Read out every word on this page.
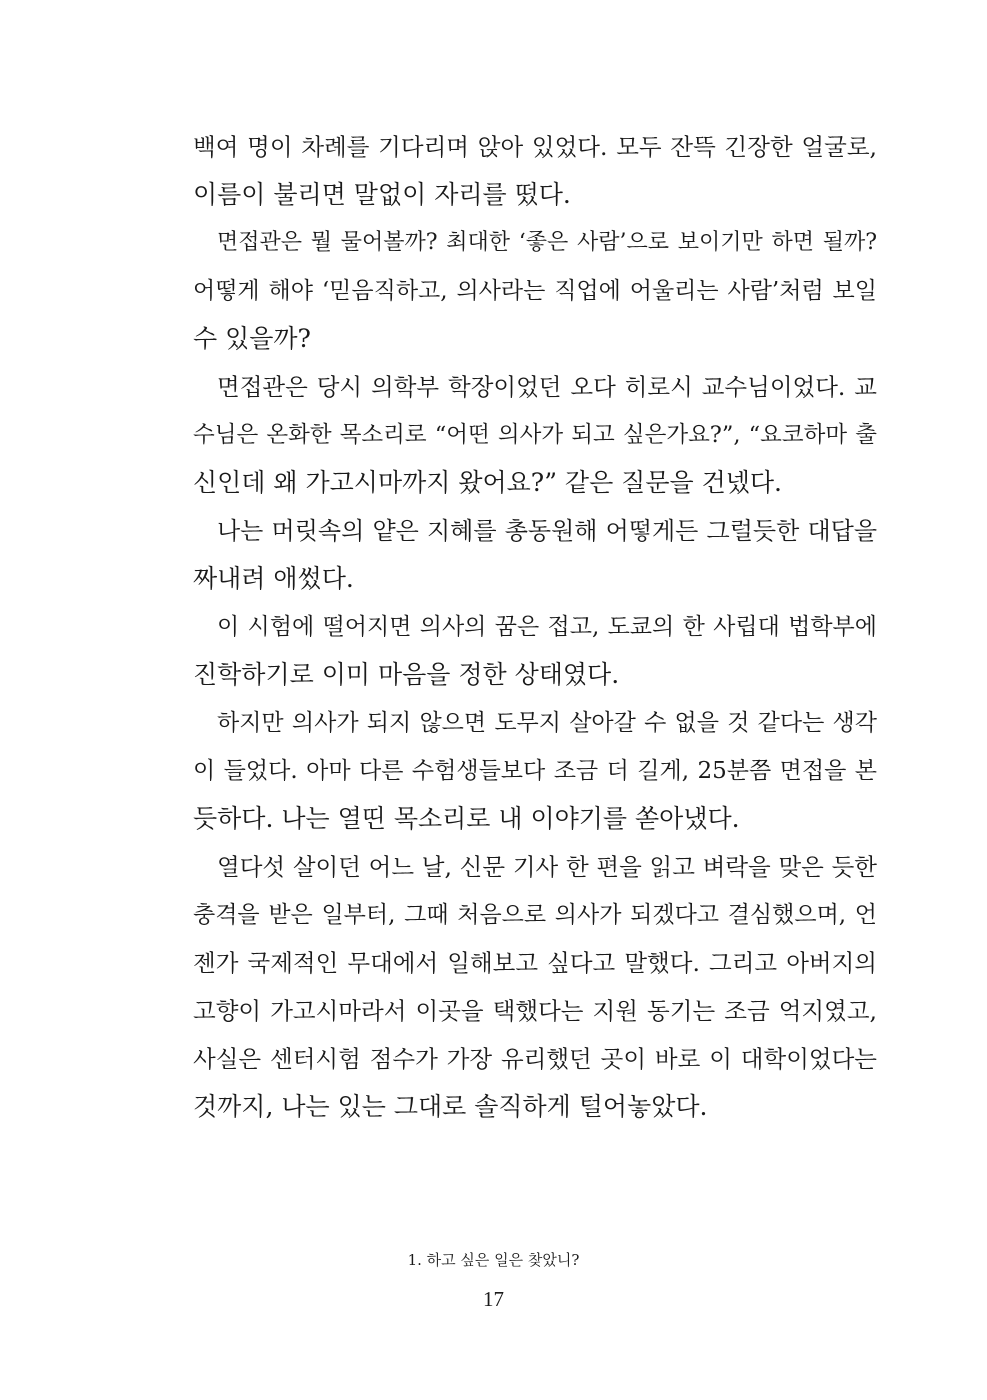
백여 명이 차례를 기다리며 앉아 있었다. 모두 잔뜩 긴장한 얼굴로,
이름이 불리면 말없이 자리를 떴다.
면접관은 뭘 물어볼까? 최대한 ‘좋은 사람’으로 보이기만 하면 될까?
어떻게 해야 ‘믿음직하고, 의사라는 직업에 어울리는 사람’처럼 보일
수 있을까?
면접관은 당시 의학부 학장이었던 오다 히로시 교수님이었다. 교
수님은 온화한 목소리로 “어떤 의사가 되고 싶은가요?”, “요코하마 출
신인데 왜 가고시마까지 왔어요?” 같은 질문을 건넸다.
나는 머릿속의 얕은 지혜를 총동원해 어떻게든 그럴듯한 대답을
짜내려 애썼다.
이 시험에 떨어지면 의사의 꿈은 접고, 도쿄의 한 사립대 법학부에
진학하기로 이미 마음을 정한 상태였다.
하지만 의사가 되지 않으면 도무지 살아갈 수 없을 것 같다는 생각
이 들었다. 아마 다른 수험생들보다 조금 더 길게, 25분쯤 면접을 본
듯하다. 나는 열띤 목소리로 내 이야기를 쏟아냈다.
열다섯 살이던 어느 날, 신문 기사 한 편을 읽고 벼락을 맞은 듯한
충격을 받은 일부터, 그때 처음으로 의사가 되겠다고 결심했으며, 언
젠가 국제적인 무대에서 일해보고 싶다고 말했다. 그리고 아버지의
고향이 가고시마라서 이곳을 택했다는 지원 동기는 조금 억지였고,
사실은 센터시험 점수가 가장 유리했던 곳이 바로 이 대학이었다는
것까지, 나는 있는 그대로 솔직하게 털어놓았다.
1. 하고 싶은 일은 찾았니?
17
